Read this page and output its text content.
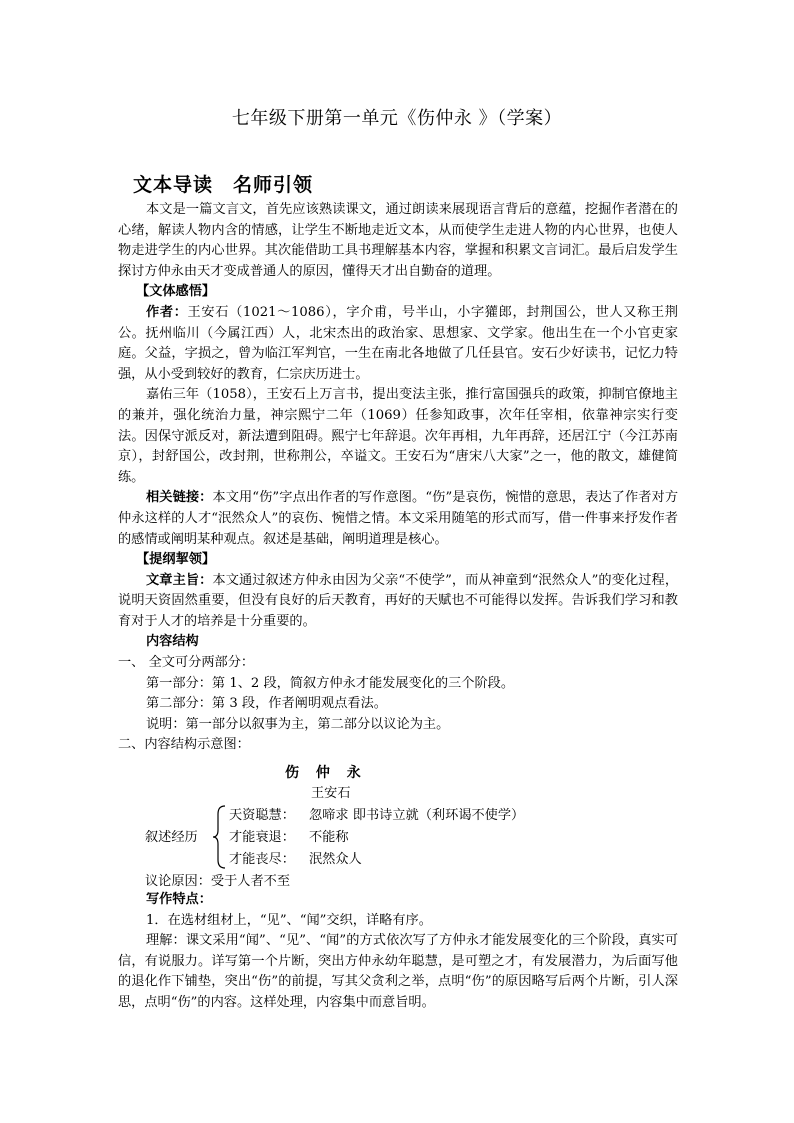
七年级下册第一单元《伤仲永 》（学案）
文本导读 名师引领

本文是一篇文言文，首先应该熟读课文，通过朗读来展现语言背后的意蕴，挖掘作者潜在的心绪，解读人物内含的情感，让学生不断地走近文本，从而使学生走进人物的内心世界，也使人物走进学生的内心世界。其次能借助工具书理解基本内容，掌握和积累文言词汇。最后启发学生探讨方仲永由天才变成普通人的原因，懂得天才出自勤奋的道理。

【文体感悟】

作者：王安石（1021～1086），字介甫，号半山，小字獾郎，封荆国公，世人又称王荆公。抚州临川（今属江西）人，北宋杰出的政治家、思想家、文学家。他出生在一个小官吏家庭。父益，字损之，曾为临江军判官，一生在南北各地做了几任县官。安石少好读书，记忆力特强，从小受到较好的教育，仁宗庆历进士。

嘉佑三年（1058），王安石上万言书，提出变法主张，推行富国强兵的政策，抑制官僚地主的兼并，强化统治力量，神宗熙宁二年（1069）任参知政事，次年任宰相，依靠神宗实行变法。因保守派反对，新法遭到阻碍。熙宁七年辞退。次年再相，九年再辞，还居江宁（今江苏南京），封舒国公，改封荆，世称荆公，卒谥文。王安石为“唐宋八大家”之一，他的散文，雄健简练。

相关链接：本文用“伤”字点出作者的写作意图。“伤”是哀伤，惋惜的意思，表达了作者对方仲永这样的人才“泯然众人”的哀伤、惋惜之情。本文采用随笔的形式而写，借一件事来抒发作者的感情或阐明某种观点。叙述是基础，阐明道理是核心。

【提纲挈领】

文章主旨：本文通过叙述方仲永由因为父亲“不使学”，而从神童到“泯然众人”的变化过程，说明天资固然重要，但没有良好的后天教育，再好的天赋也不可能得以发挥。告诉我们学习和教育对于人才的培养是十分重要的。

内容结构

一、 全文可分两部分：

第一部分：第 1、2 段，简叙方仲永才能发展变化的三个阶段。

第二部分：第 3 段，作者阐明观点看法。

说明：第一部分以叙事为主，第二部分以议论为主。

二、内容结构示意图：

伤 仲 永
王安石
叙述经历
天资聪慧： 忽啼求 即书诗立就（利环谒不使学）
才能衰退： 不能称
才能丧尽： 泯然众人
议论原因：受于人者不至

写作特点：

1．在选材组材上，“见”、“闻”交织，详略有序。

理解：课文采用“闻”、“见”、“闻”的方式依次写了方仲永才能发展变化的三个阶段，真实可信，有说服力。详写第一个片断，突出方仲永幼年聪慧，是可塑之才，有发展潜力，为后面写他的退化作下铺垫，突出“伤”的前提，写其父贪利之举，点明“伤”的原因略写后两个片断，引人深思，点明“伤”的内容。这样处理，内容集中而意旨明。
